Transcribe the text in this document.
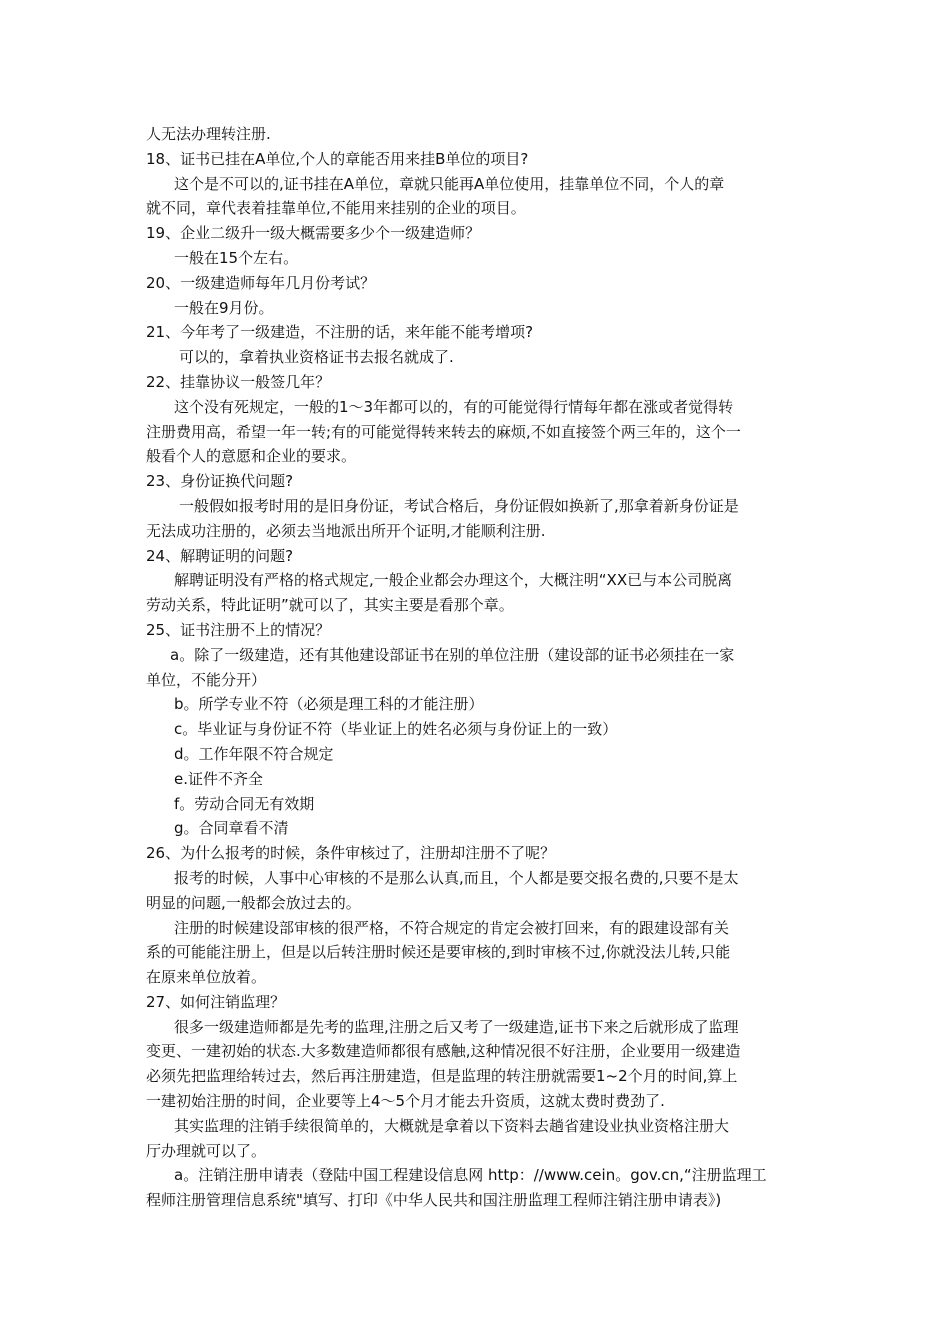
人无法办理转注册.
18、证书已挂在A单位,个人的章能否用来挂B单位的项目?
这个是不可以的,证书挂在A单位，章就只能再A单位使用，挂靠单位不同，个人的章
就不同，章代表着挂靠单位,不能用来挂别的企业的项目。
19、企业二级升一级大概需要多少个一级建造师？
一般在15个左右。
20、一级建造师每年几月份考试？
一般在9月份。
21、今年考了一级建造，不注册的话，来年能不能考增项?
可以的，拿着执业资格证书去报名就成了.
22、挂靠协议一般签几年？
这个没有死规定，一般的1～3年都可以的，有的可能觉得行情每年都在涨或者觉得转
注册费用高，希望一年一转;有的可能觉得转来转去的麻烦,不如直接签个两三年的，这个一
般看个人的意愿和企业的要求。
23、身份证换代问题?
一般假如报考时用的是旧身份证，考试合格后，身份证假如换新了,那拿着新身份证是
无法成功注册的，必须去当地派出所开个证明,才能顺利注册.
24、解聘证明的问题?
解聘证明没有严格的格式规定,一般企业都会办理这个，大概注明“XX已与本公司脱离
劳动关系，特此证明”就可以了，其实主要是看那个章。
25、证书注册不上的情况？
a。除了一级建造，还有其他建设部证书在别的单位注册（建设部的证书必须挂在一家
单位，不能分开）
b。所学专业不符（必须是理工科的才能注册）
c。毕业证与身份证不符（毕业证上的姓名必须与身份证上的一致）
d。工作年限不符合规定
e.证件不齐全
f。劳动合同无有效期
g。合同章看不清
26、为什么报考的时候，条件审核过了，注册却注册不了呢？
报考的时候，人事中心审核的不是那么认真,而且，个人都是要交报名费的,只要不是太
明显的问题,一般都会放过去的。
注册的时候建设部审核的很严格，不符合规定的肯定会被打回来，有的跟建设部有关
系的可能能注册上，但是以后转注册时候还是要审核的,到时审核不过,你就没法儿转,只能
在原来单位放着。
27、如何注销监理？
很多一级建造师都是先考的监理,注册之后又考了一级建造,证书下来之后就形成了监理
变更、一建初始的状态.大多数建造师都很有感触,这种情况很不好注册，企业要用一级建造
必须先把监理给转过去，然后再注册建造，但是监理的转注册就需要1~2个月的时间,算上
一建初始注册的时间，企业要等上4～5个月才能去升资质，这就太费时费劲了.
其实监理的注销手续很简单的，大概就是拿着以下资料去趟省建设业执业资格注册大
厅办理就可以了。
a。注销注册申请表（登陆中国工程建设信息网 http：//www.cein。gov.cn,“注册监理工
程师注册管理信息系统"填写、打印《中华人民共和国注册监理工程师注销注册申请表》)
